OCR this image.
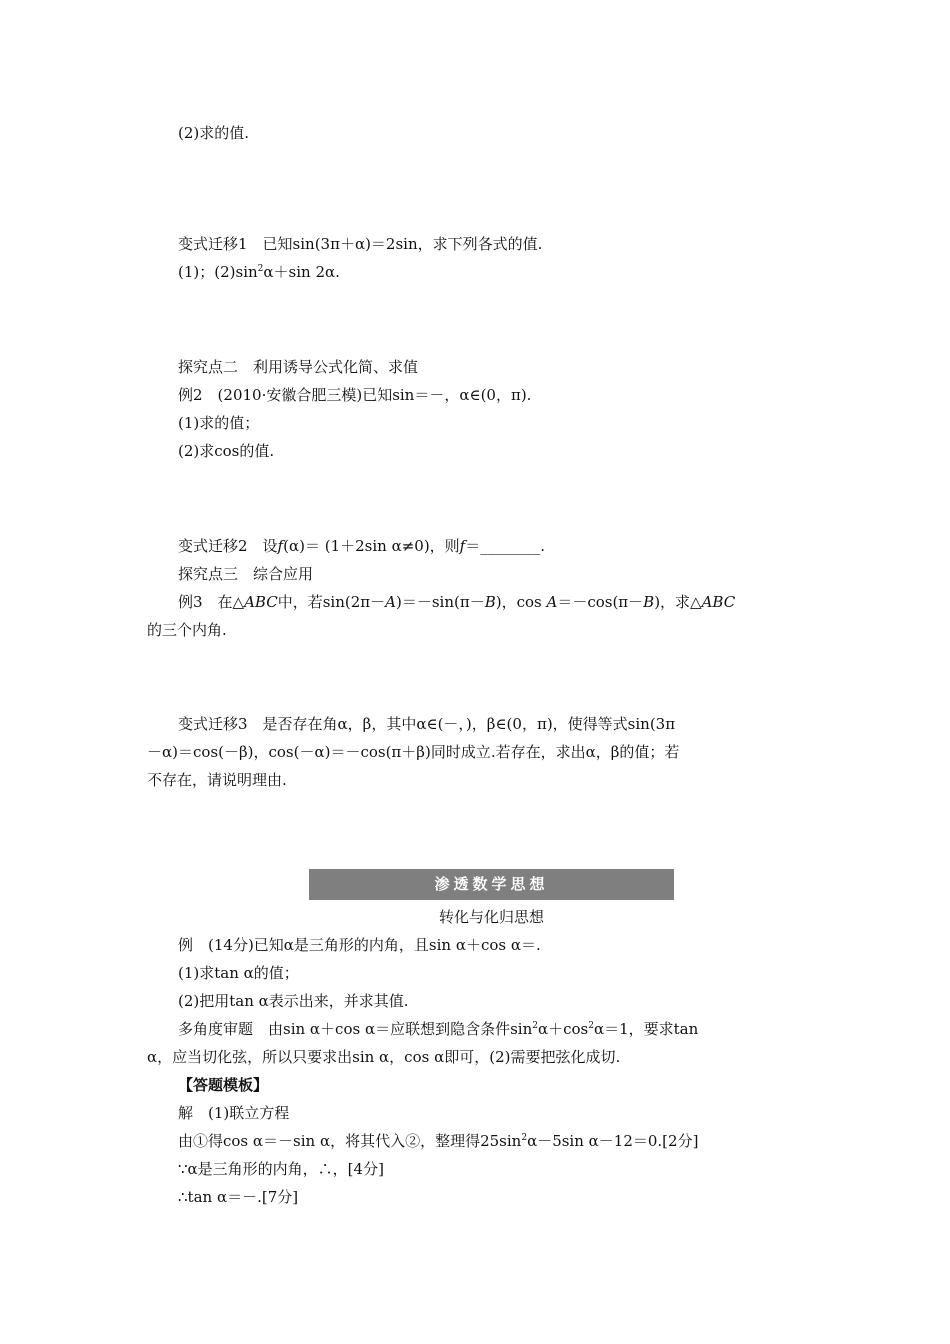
(2)求的值.
变式迁移1　已知sin(3π＋α)＝2sin，求下列各式的值.
(1)；$(2)\sin^2\alpha+\sin$ 2α.
探究点二　利用诱导公式化简、求值
例2　(2010·安徽合肥三模)已知sin＝－，α∈(0，π).
(1)求的值；
(2)求cos的值.
变式迁移2　设f(α)＝ (1＋2sin α≠0)，则f＝________.
探究点三　综合应用
例3　在△ABC中，若sin(2π－A)＝－sin(π－B)，cos A＝－cos(π－B)，求△ABC
的三个内角.
变式迁移3　是否存在角α，β，其中α∈(－，)，β∈(0，π)，使得等式sin(3π
－α)＝cos(－β)，cos(－α)＝－cos(π＋β)同时成立.若存在，求出α，β的值；若
不存在，请说明理由.
渗透数学思想
转化与化归思想
例　(14分)已知α是三角形的内角，且sin α＋cos α＝.
(1)求tan α的值；
(2)把用tan α表示出来，并求其值.
多角度审题　由sin α＋cos α＝应联想到隐含条件$\sin^2\alpha+\cos^2\alpha=1$，要求tan
α，应当切化弦，所以只要求出sin α，cos α即可，(2)需要把弦化成切.
【答题模板】
解　(1)联立方程
由①得cos α＝－sin α，将其代入②，整理得$25\sin^2\alpha-5\sin$ α－12＝0.[2分]
∵α是三角形的内角，∴，[4分]
∴tan α＝－.[7分]
